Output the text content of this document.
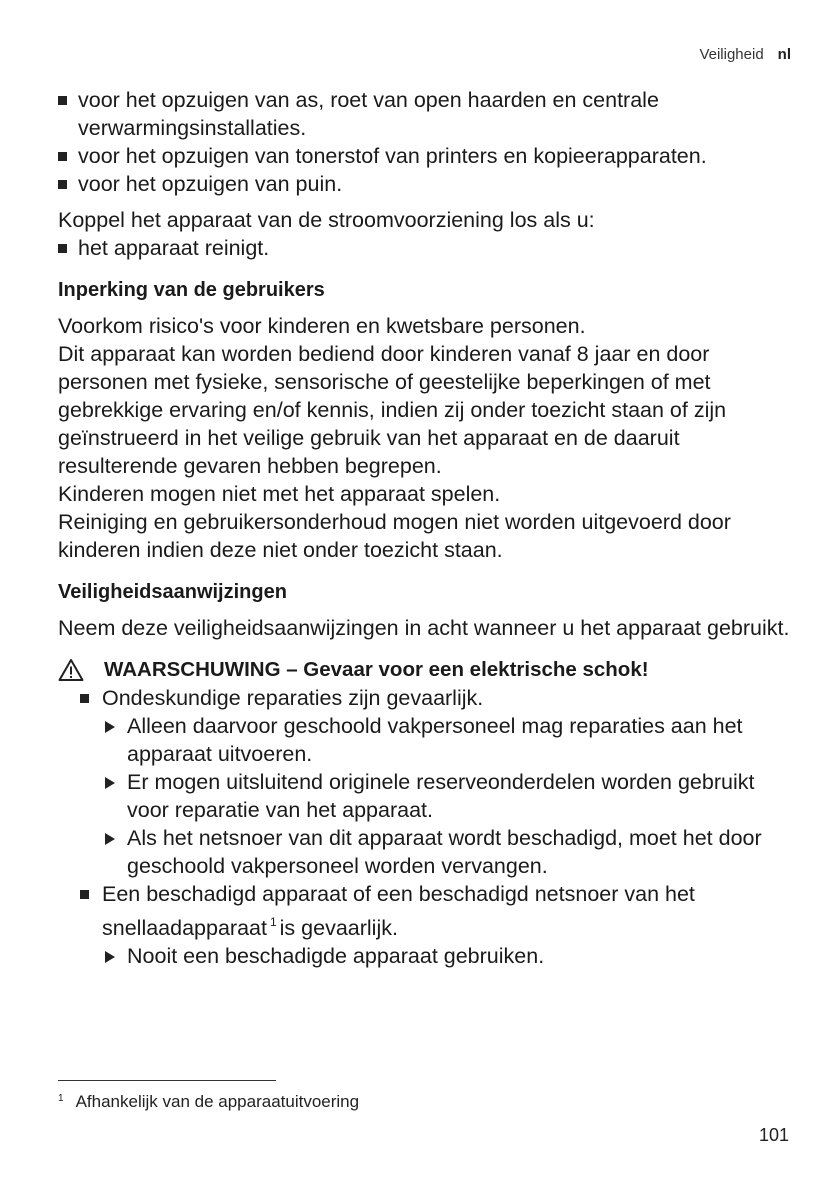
Veiligheid nl
voor het opzuigen van as, roet van open haarden en centrale verwarmingsinstallaties.
voor het opzuigen van tonerstof van printers en kopieerapparaten.
voor het opzuigen van puin.

Koppel het apparaat van de stroomvoorziening los als u:

het apparaat reinigt.
Inperking van de gebruikers

Voorkom risico's voor kinderen en kwetsbare personen.

Dit apparaat kan worden bediend door kinderen vanaf 8 jaar en door personen met fysieke, sensorische of geestelijke beperkingen of met gebrekkige ervaring en/of kennis, indien zij onder toezicht staan of zijn geïnstrueerd in het veilige gebruik van het apparaat en de daaruit resulterende gevaren hebben begrepen.

Kinderen mogen niet met het apparaat spelen.

Reiniging en gebruikersonderhoud mogen niet worden uitgevoerd door kinderen indien deze niet onder toezicht staan.

Veiligheidsaanwijzingen

Neem deze veiligheidsaanwijzingen in acht wanneer u het apparaat gebruikt.

WAARSCHUWING – Gevaar voor een elektrische schok!
Ondeskundige reparaties zijn gevaarlijk.
Alleen daarvoor geschoold vakpersoneel mag reparaties aan het apparaat uitvoeren.
Er mogen uitsluitend originele reserveonderdelen worden gebruikt voor reparatie van het apparaat.
Als het netsnoer van dit apparaat wordt beschadigd, moet het door geschoold vakpersoneel worden vervangen.
Een beschadigd apparaat of een beschadigd netsnoer van het snellaadapparaat $^1$ is gevaarlijk.
Nooit een beschadigde apparaat gebruiken.
$^1$ Afhankelijk van de apparaatuitvoering
101
